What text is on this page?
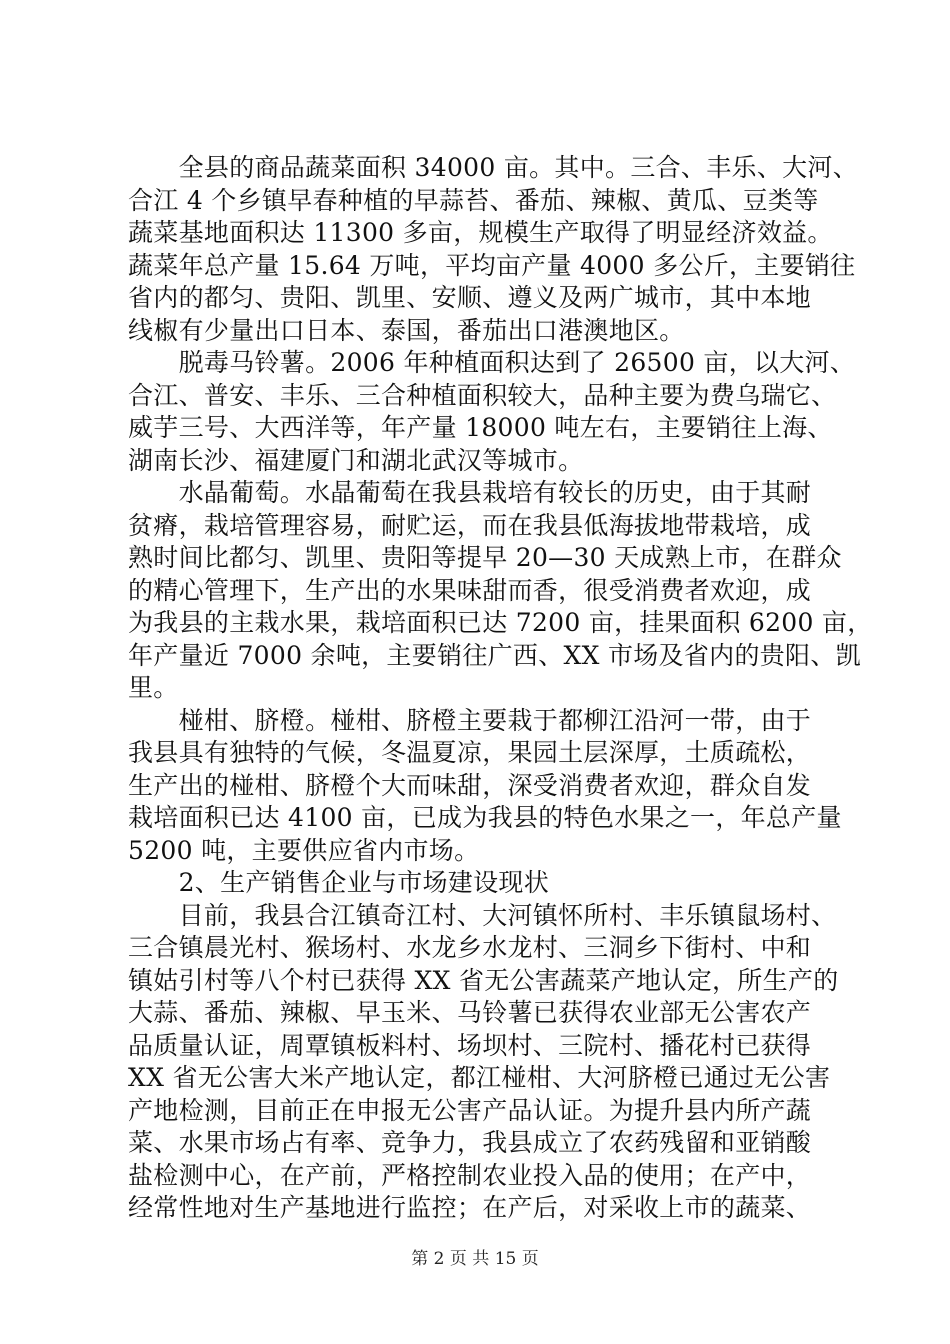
　　全县的商品蔬菜面积 34000 亩。其中。三合、丰乐、大河、
合江 4 个乡镇早春种植的早蒜苔、番茄、辣椒、黄瓜、豆类等
蔬菜基地面积达 11300 多亩，规模生产取得了明显经济效益。
蔬菜年总产量 15.64 万吨，平均亩产量 4000 多公斤，主要销往
省内的都匀、贵阳、凯里、安顺、遵义及两广城市，其中本地
线椒有少量出口日本、泰国，番茄出口港澳地区。
　　脱毒马铃薯。2006 年种植面积达到了 26500 亩，以大河、
合江、普安、丰乐、三合种植面积较大，品种主要为费乌瑞它、
威芋三号、大西洋等，年产量 18000 吨左右，主要销往上海、
湖南长沙、福建厦门和湖北武汉等城市。
　　水晶葡萄。水晶葡萄在我县栽培有较长的历史，由于其耐
贫瘠，栽培管理容易，耐贮运，而在我县低海拔地带栽培，成
熟时间比都匀、凯里、贵阳等提早 20—30 天成熟上市，在群众
的精心管理下，生产出的水果味甜而香，很受消费者欢迎，成
为我县的主栽水果，栽培面积已达 7200 亩，挂果面积 6200 亩，
年产量近 7000 余吨，主要销往广西、XX 市场及省内的贵阳、凯
里。
　　椪柑、脐橙。椪柑、脐橙主要栽于都柳江沿河一带，由于
我县具有独特的气候，冬温夏凉，果园土层深厚，土质疏松，
生产出的椪柑、脐橙个大而味甜，深受消费者欢迎，群众自发
栽培面积已达 4100 亩，已成为我县的特色水果之一，年总产量
5200 吨，主要供应省内市场。
　　2、生产销售企业与市场建设现状
　　目前，我县合江镇奇江村、大河镇怀所村、丰乐镇鼠场村、
三合镇晨光村、猴场村、水龙乡水龙村、三洞乡下街村、中和
镇姑引村等八个村已获得 XX 省无公害蔬菜产地认定，所生产的
大蒜、番茄、辣椒、早玉米、马铃薯已获得农业部无公害农产
品质量认证，周覃镇板料村、场坝村、三院村、播花村已获得
XX 省无公害大米产地认定，都江椪柑、大河脐橙已通过无公害
产地检测，目前正在申报无公害产品认证。为提升县内所产蔬
菜、水果市场占有率、竞争力，我县成立了农药残留和亚销酸
盐检测中心，在产前，严格控制农业投入品的使用；在产中，
经常性地对生产基地进行监控；在产后，对采收上市的蔬菜、
第 2 页 共 15 页
